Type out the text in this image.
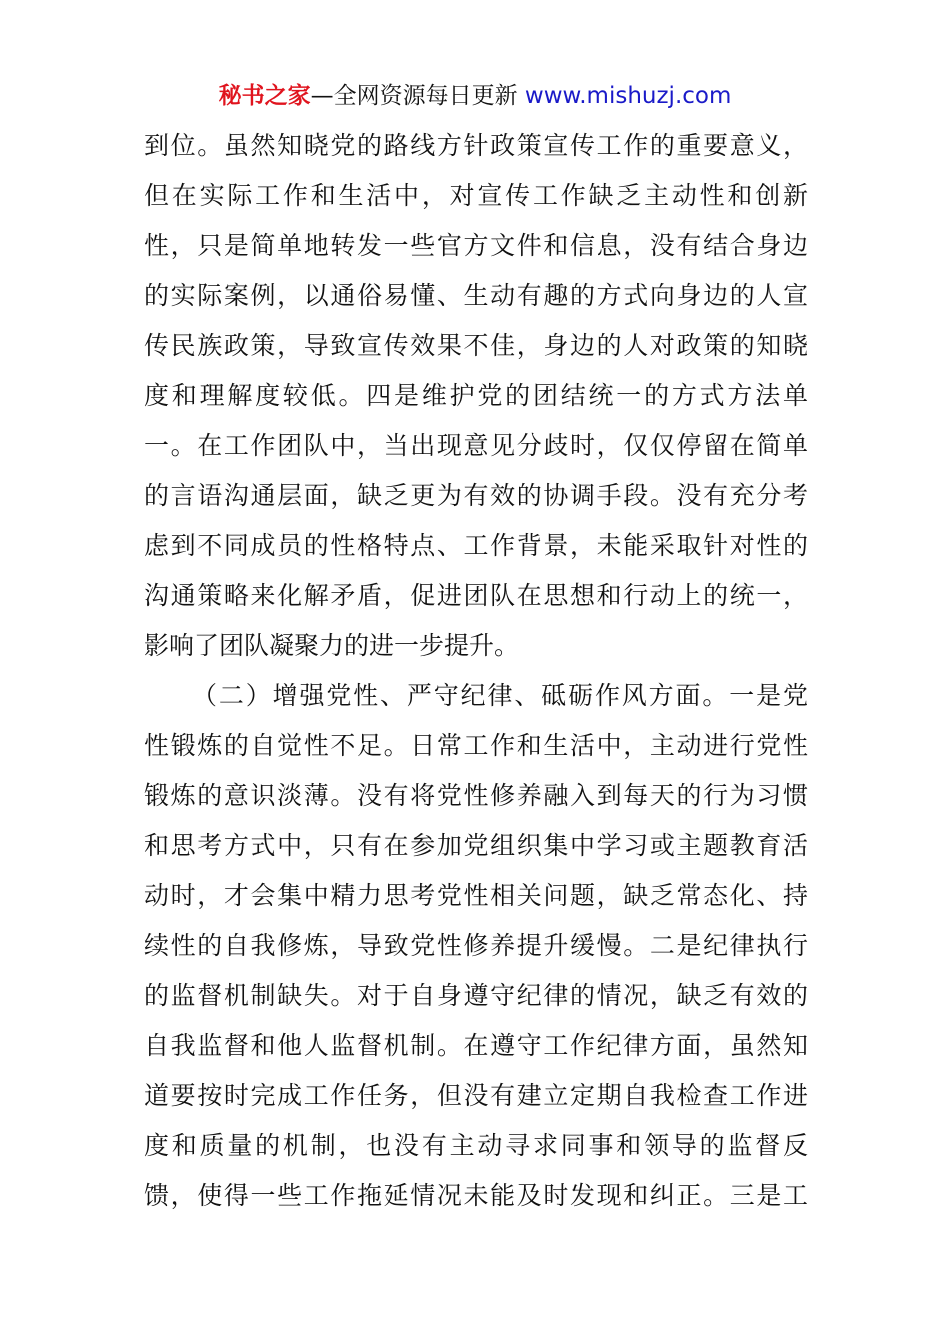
秘书之家—全网资源每日更新 www.mishuzj.com
到位。虽然知晓党的路线方针政策宣传工作的重要意义，
但在实际工作和生活中，对宣传工作缺乏主动性和创新
性，只是简单地转发一些官方文件和信息，没有结合身边
的实际案例，以通俗易懂、生动有趣的方式向身边的人宣
传民族政策，导致宣传效果不佳，身边的人对政策的知晓
度和理解度较低。四是维护党的团结统一的方式方法单
一。在工作团队中，当出现意见分歧时，仅仅停留在简单
的言语沟通层面，缺乏更为有效的协调手段。没有充分考
虑到不同成员的性格特点、工作背景，未能采取针对性的
沟通策略来化解矛盾，促进团队在思想和行动上的统一，
影响了团队凝聚力的进一步提升。
（二）增强党性、严守纪律、砥砺作风方面。一是党
性锻炼的自觉性不足。日常工作和生活中，主动进行党性
锻炼的意识淡薄。没有将党性修养融入到每天的行为习惯
和思考方式中，只有在参加党组织集中学习或主题教育活
动时，才会集中精力思考党性相关问题，缺乏常态化、持
续性的自我修炼，导致党性修养提升缓慢。二是纪律执行
的监督机制缺失。对于自身遵守纪律的情况，缺乏有效的
自我监督和他人监督机制。在遵守工作纪律方面，虽然知
道要按时完成工作任务，但没有建立定期自我检查工作进
度和质量的机制，也没有主动寻求同事和领导的监督反
馈，使得一些工作拖延情况未能及时发现和纠正。三是工
